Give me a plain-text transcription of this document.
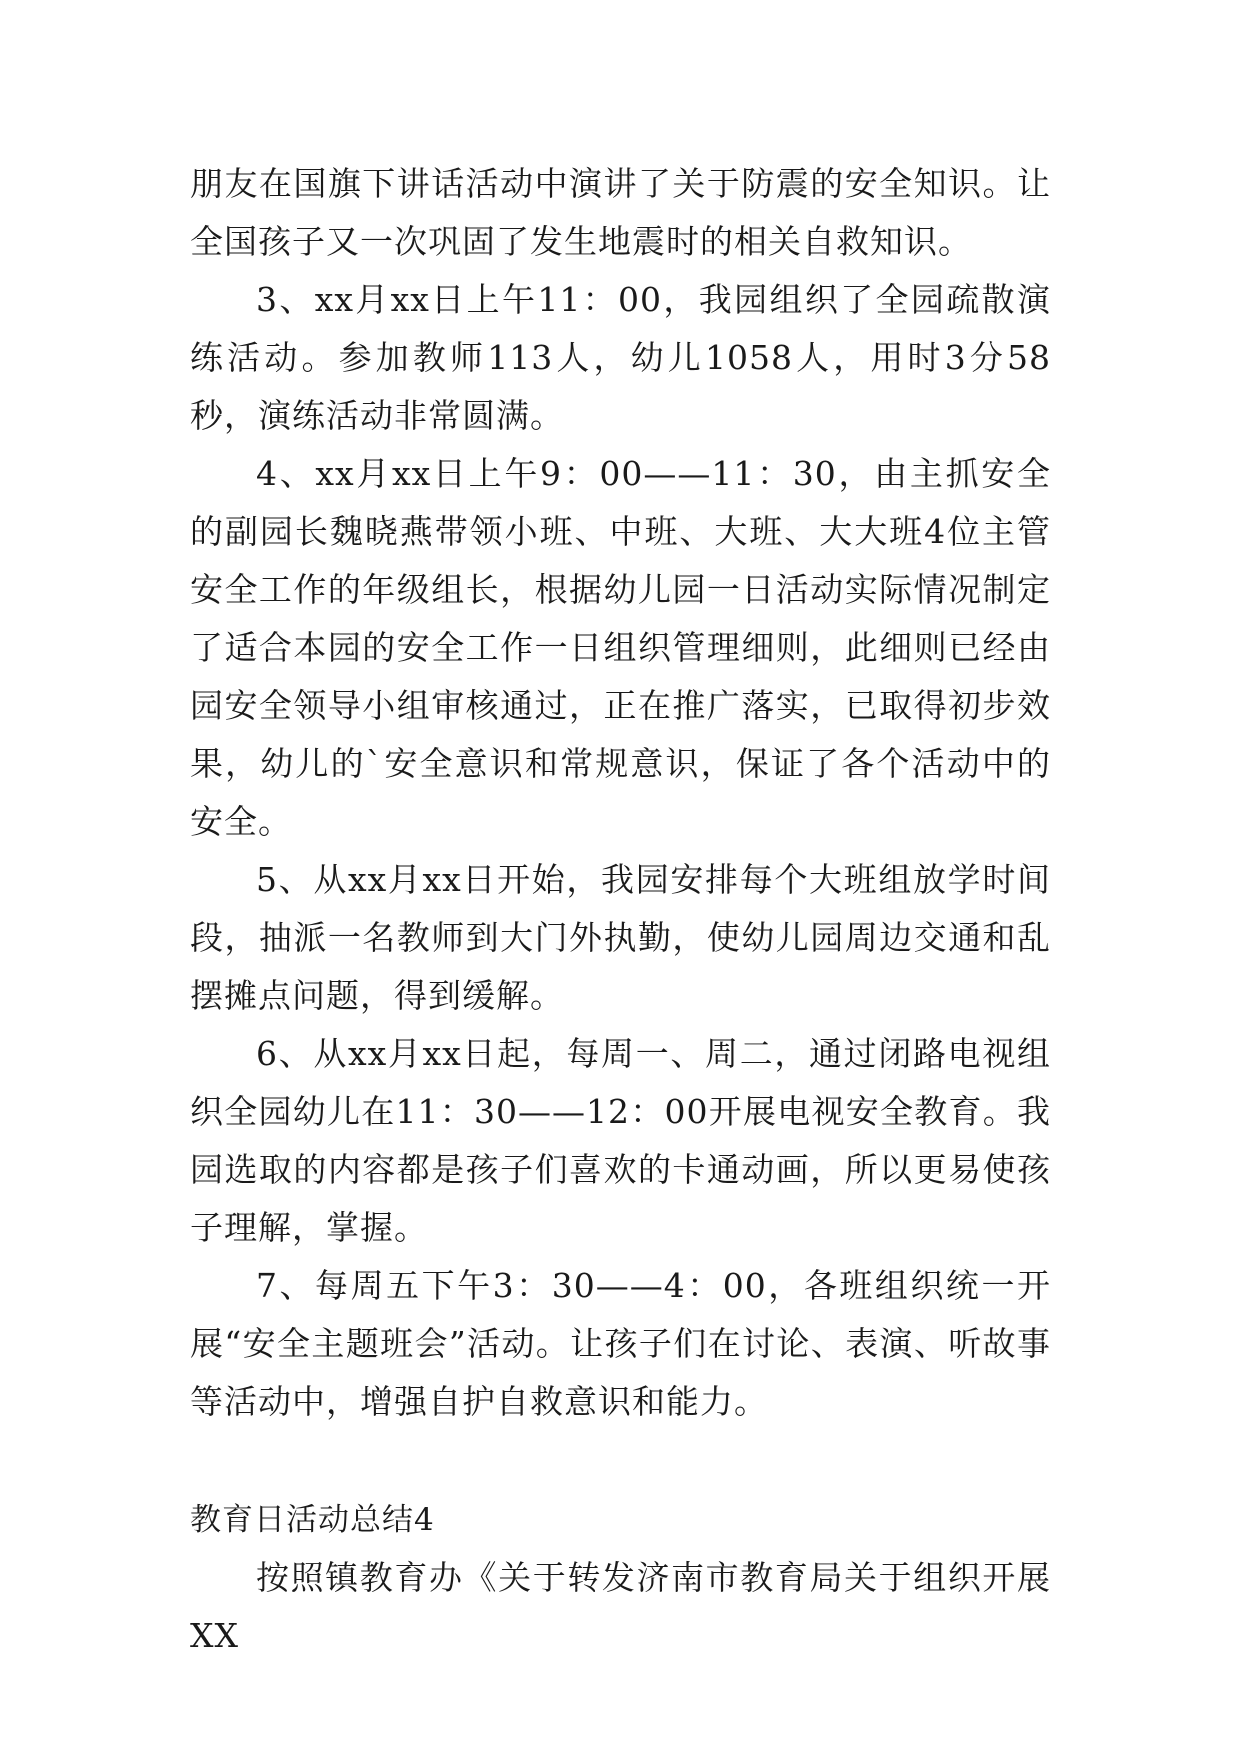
朋友在国旗下讲话活动中演讲了关于防震的安全知识。让全国孩子又一次巩固了发生地震时的相关自救知识。

3、xx月xx日上午11：00，我园组织了全园疏散演练活动。参加教师113人，幼儿1058人，用时3分58秒，演练活动非常圆满。

4、xx月xx日上午9：00——11：30，由主抓安全的副园长魏晓燕带领小班、中班、大班、大大班4位主管安全工作的年级组长，根据幼儿园一日活动实际情况制定了适合本园的安全工作一日组织管理细则，此细则已经由园安全领导小组审核通过，正在推广落实，已取得初步效果，幼儿的`安全意识和常规意识，保证了各个活动中的安全。

5、从xx月xx日开始，我园安排每个大班组放学时间段，抽派一名教师到大门外执勤，使幼儿园周边交通和乱摆摊点问题，得到缓解。

6、从xx月xx日起，每周一、周二，通过闭路电视组织全园幼儿在11：30——12：00开展电视安全教育。我园选取的内容都是孩子们喜欢的卡通动画，所以更易使孩子理解，掌握。

7、每周五下午3：30——4：00，各班组织统一开展“安全主题班会”活动。让孩子们在讨论、表演、听故事等活动中，增强自护自救意识和能力。

教育日活动总结4

按照镇教育办《关于转发济南市教育局关于组织开展XX
